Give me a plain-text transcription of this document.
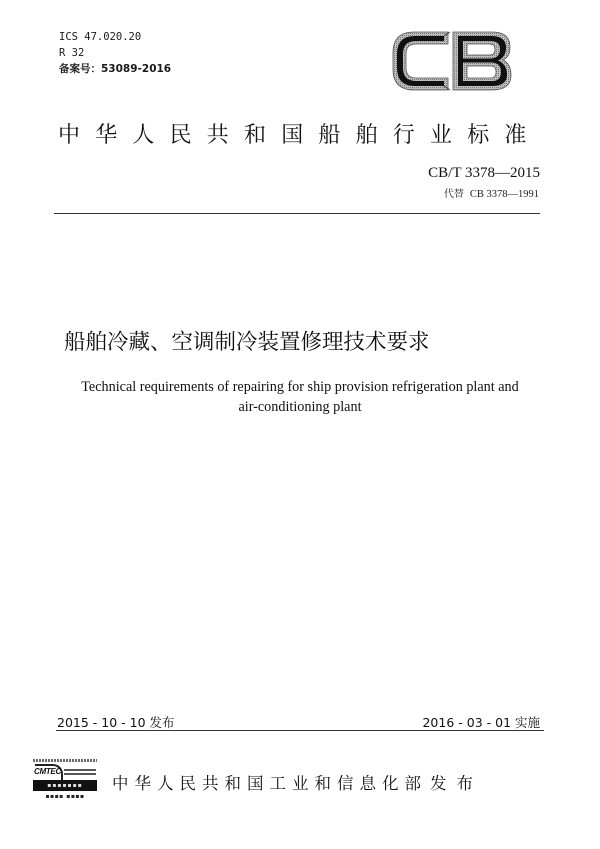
ICS 47.020.20
R 32
备案号：53089-2016
中华人民共和国船舶行业标准
CB/T 3378—2015
代替 CB 3378—1991
船舶冷藏、空调制冷装置修理技术要求
Technical requirements of repairing for ship provision refrigeration plant and
air-conditioning plant
2015 - 10 - 10 发布	2016 - 03 - 01 实施
CMTEC
▪▪▪▪▪▪▪
▪▪▪▪ ▪▪▪▪
中华人民共和国工业和信息化部 发布
